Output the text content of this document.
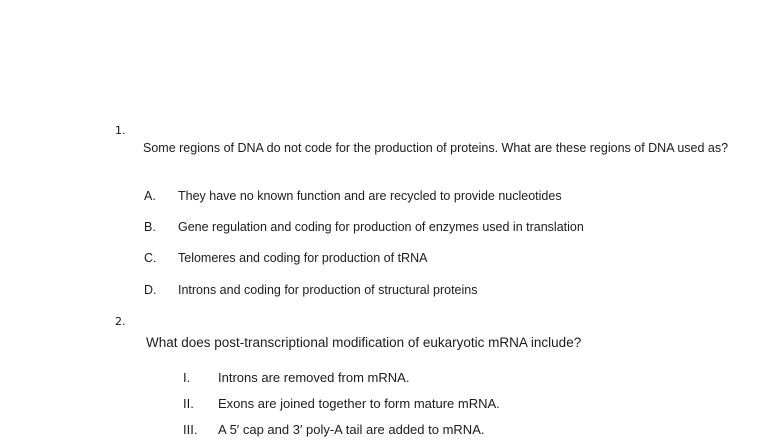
1.
Some regions of DNA do not code for the production of proteins. What are these regions of DNA used as?
A. They have no known function and are recycled to provide nucleotides
B. Gene regulation and coding for production of enzymes used in translation
C. Telomeres and coding for production of tRNA
D. Introns and coding for production of structural proteins
2.
What does post-transcriptional modification of eukaryotic mRNA include?
I. Introns are removed from mRNA.
II. Exons are joined together to form mature mRNA.
III. A 5′ cap and 3′ poly-A tail are added to mRNA.
